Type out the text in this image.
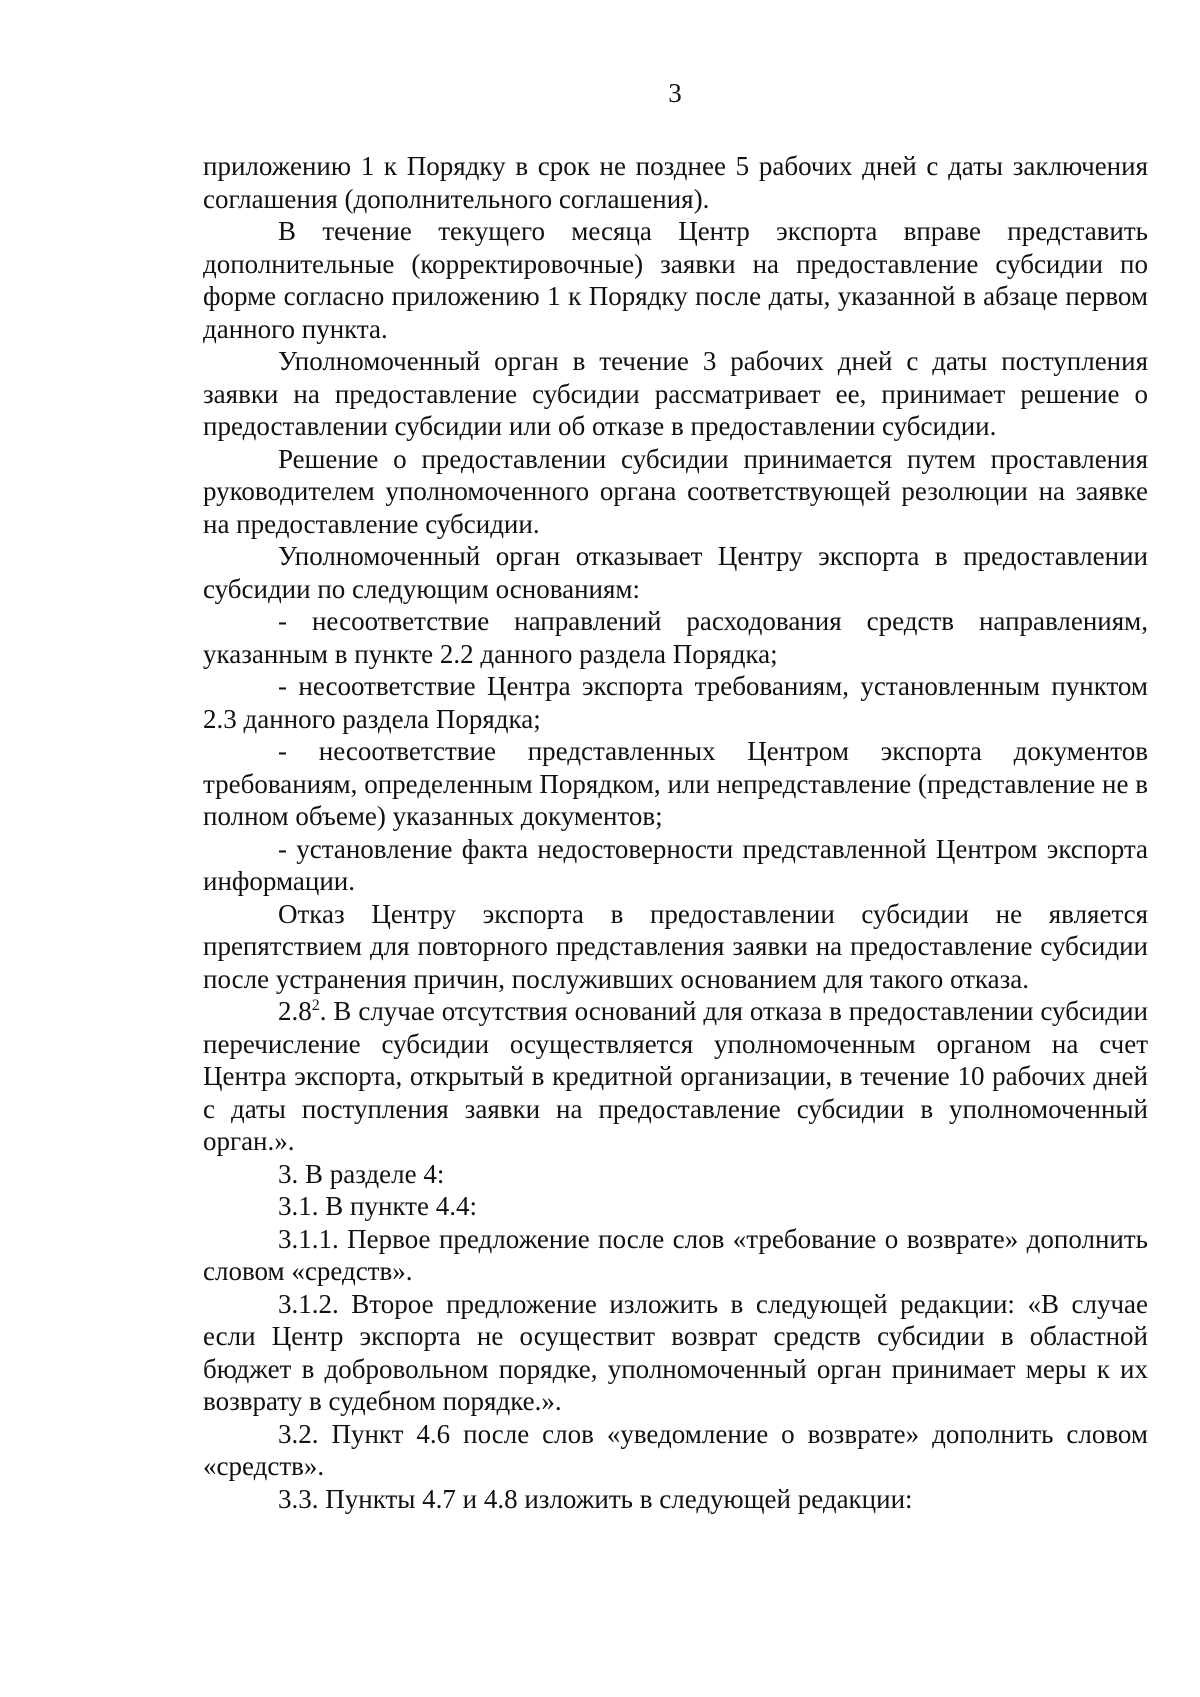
3

приложению 1 к Порядку в срок не позднее 5 рабочих дней с даты заключения соглашения (дополнительного соглашения).

В течение текущего месяца Центр экспорта вправе представить дополнительные (корректировочные) заявки на предоставление субсидии по форме согласно приложению 1 к Порядку после даты, указанной в абзаце первом данного пункта.

Уполномоченный орган в течение 3 рабочих дней с даты поступления заявки на предоставление субсидии рассматривает ее, принимает решение о предоставлении субсидии или об отказе в предоставлении субсидии.

Решение о предоставлении субсидии принимается путем проставления руководителем уполномоченного органа соответствующей резолюции на заявке на предоставление субсидии.

Уполномоченный орган отказывает Центру экспорта в предоставлении субсидии по следующим основаниям:

- несоответствие направлений расходования средств направлениям, указанным в пункте 2.2 данного раздела Порядка;

- несоответствие Центра экспорта требованиям, установленным пунктом 2.3 данного раздела Порядка;

- несоответствие представленных Центром экспорта документов требованиям, определенным Порядком, или непредставление (представление не в полном объеме) указанных документов;

- установление факта недостоверности представленной Центром экспорта информации.

Отказ Центру экспорта в предоставлении субсидии не является препятствием для повторного представления заявки на предоставление субсидии после устранения причин, послуживших основанием для такого отказа.

$2.8^2$. В случае отсутствия оснований для отказа в предоставлении субсидии перечисление субсидии осуществляется уполномоченным органом на счет Центра экспорта, открытый в кредитной организации, в течение 10 рабочих дней с даты поступления заявки на предоставление субсидии в уполномоченный орган.».

3. В разделе 4:

3.1. В пункте 4.4:

3.1.1. Первое предложение после слов «требование о возврате» дополнить словом «средств».

3.1.2. Второе предложение изложить в следующей редакции: «В случае если Центр экспорта не осуществит возврат средств субсидии в областной бюджет в добровольном порядке, уполномоченный орган принимает меры к их возврату в судебном порядке.».

3.2. Пункт 4.6 после слов «уведомление о возврате» дополнить словом «средств».

3.3. Пункты 4.7 и 4.8 изложить в следующей редакции:
